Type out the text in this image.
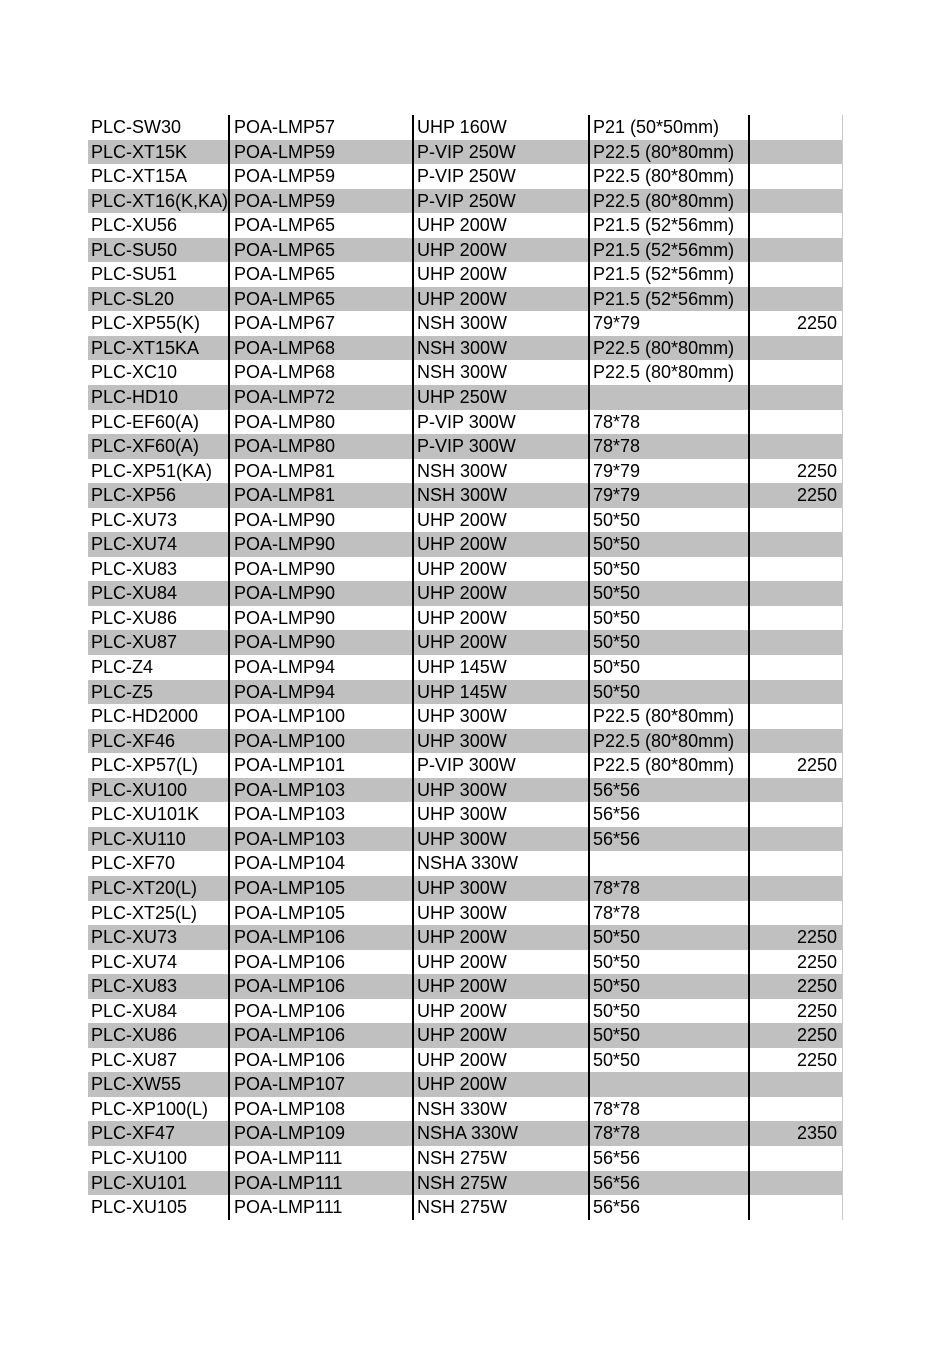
PLC-SW30	POA-LMP57	UHP 160W	P21 (50*50mm)
PLC-XT15K	POA-LMP59	P-VIP 250W	P22.5 (80*80mm)
PLC-XT15A	POA-LMP59	P-VIP 250W	P22.5 (80*80mm)
PLC-XT16(K,KA) POA-LMP59	P-VIP 250W	P22.5 (80*80mm)
PLC-XU56	POA-LMP65	UHP 200W	P21.5 (52*56mm)
PLC-SU50	POA-LMP65	UHP 200W	P21.5 (52*56mm)
PLC-SU51	POA-LMP65	UHP 200W	P21.5 (52*56mm)
PLC-SL20	POA-LMP65	UHP 200W	P21.5 (52*56mm)
PLC-XP55(K) POA-LMP67	NSH 300W	79*79	2250
PLC-XT15KA POA-LMP68	NSH 300W	P22.5 (80*80mm)
PLC-XC10	POA-LMP68	NSH 300W	P22.5 (80*80mm)
PLC-HD10	POA-LMP72	UHP 250W
PLC-EF60(A) POA-LMP80	P-VIP 300W	78*78
PLC-XF60(A) POA-LMP80	P-VIP 300W	78*78
PLC-XP51(KA) POA-LMP81	NSH 300W	79*79	2250
PLC-XP56	POA-LMP81	NSH 300W	79*79	2250
PLC-XU73	POA-LMP90	UHP 200W	50*50
PLC-XU74	POA-LMP90	UHP 200W	50*50
PLC-XU83	POA-LMP90	UHP 200W	50*50
PLC-XU84	POA-LMP90	UHP 200W	50*50
PLC-XU86	POA-LMP90	UHP 200W	50*50
PLC-XU87	POA-LMP90	UHP 200W	50*50
PLC-Z4	POA-LMP94	UHP 145W	50*50
PLC-Z5	POA-LMP94	UHP 145W	50*50
PLC-HD2000 POA-LMP100	UHP 300W	P22.5 (80*80mm)
PLC-XF46	POA-LMP100	UHP 300W	P22.5 (80*80mm)
PLC-XP57(L) POA-LMP101	P-VIP 300W	P22.5 (80*80mm)	2250
PLC-XU100	POA-LMP103	UHP 300W	56*56
PLC-XU101K POA-LMP103	UHP 300W	56*56
PLC-XU110	POA-LMP103	UHP 300W	56*56
PLC-XF70	POA-LMP104	NSHA 330W
PLC-XT20(L) POA-LMP105	UHP 300W	78*78
PLC-XT25(L) POA-LMP105	UHP 300W	78*78
PLC-XU73	POA-LMP106	UHP 200W	50*50	2250
PLC-XU74	POA-LMP106	UHP 200W	50*50	2250
PLC-XU83	POA-LMP106	UHP 200W	50*50	2250
PLC-XU84	POA-LMP106	UHP 200W	50*50	2250
PLC-XU86	POA-LMP106	UHP 200W	50*50	2250
PLC-XU87	POA-LMP106	UHP 200W	50*50	2250
PLC-XW55	POA-LMP107	UHP 200W
PLC-XP100(L) POA-LMP108	NSH 330W	78*78
PLC-XF47	POA-LMP109	NSHA 330W	78*78	2350
PLC-XU100	POA-LMP111	NSH 275W	56*56
PLC-XU101	POA-LMP111	NSH 275W	56*56
PLC-XU105	POA-LMP111	NSH 275W	56*56
